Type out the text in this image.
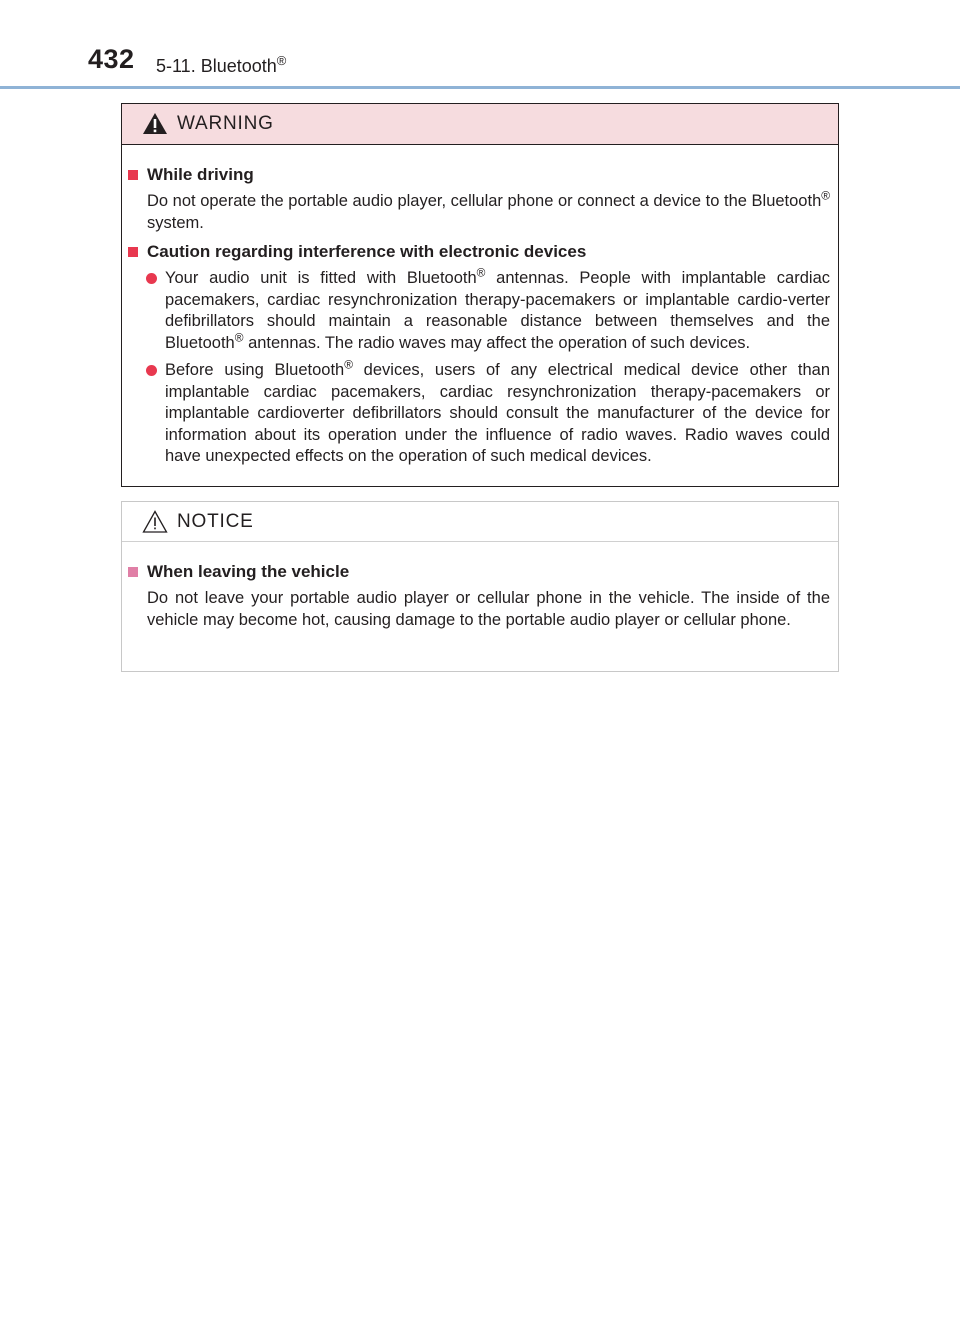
432 5-11. Bluetooth®
WARNING
While driving
Do not operate the portable audio player, cellular phone or connect a device to the Bluetooth® system.
Caution regarding interference with electronic devices
Your audio unit is fitted with Bluetooth® antennas. People with implantable cardiac pacemakers, cardiac resynchronization therapy-pacemakers or implantable cardio-verter defibrillators should maintain a reasonable distance between themselves and the Bluetooth® antennas. The radio waves may affect the operation of such devices.
Before using Bluetooth® devices, users of any electrical medical device other than implantable cardiac pacemakers, cardiac resynchronization therapy-pacemakers or implantable cardioverter defibrillators should consult the manufacturer of the device for information about its operation under the influence of radio waves. Radio waves could have unexpected effects on the operation of such medical devices.
NOTICE
When leaving the vehicle
Do not leave your portable audio player or cellular phone in the vehicle. The inside of the vehicle may become hot, causing damage to the portable audio player or cellular phone.
